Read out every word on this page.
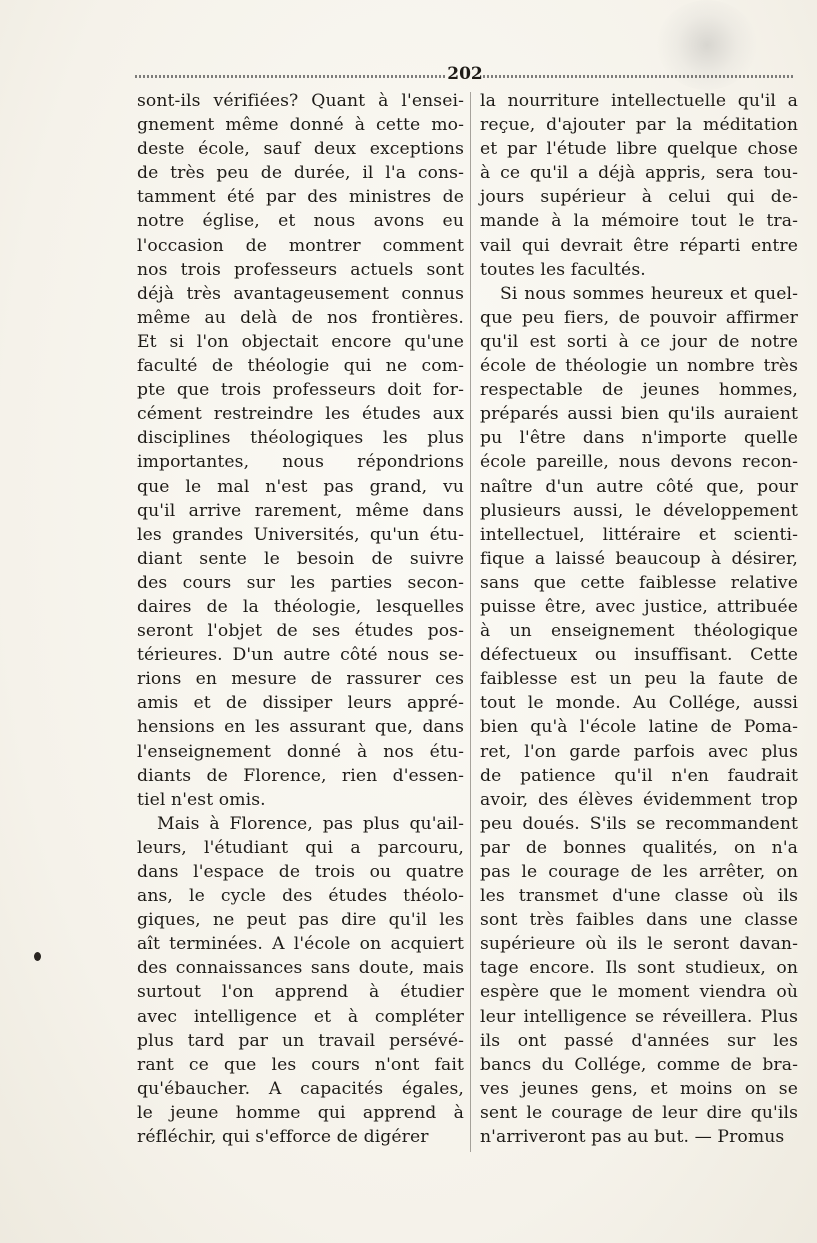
202
sont-ils vérifiées? Quant à l'ensei-
gnement même donné à cette mo-
deste école, sauf deux exceptions
de très peu de durée, il l'a cons-
tamment été par des ministres de
notre église, et nous avons eu
l'occasion de montrer comment
nos trois professeurs actuels sont
déjà très avantageusement connus
même au delà de nos frontières.
Et si l'on objectait encore qu'une
faculté de théologie qui ne com-
pte que trois professeurs doit for-
cément restreindre les études aux
disciplines théologiques les plus
importantes, nous répondrions
que le mal n'est pas grand, vu
qu'il arrive rarement, même dans
les grandes Universités, qu'un étu-
diant sente le besoin de suivre
des cours sur les parties secon-
daires de la théologie, lesquelles
seront l'objet de ses études pos-
térieures. D'un autre côté nous se-
rions en mesure de rassurer ces
amis et de dissiper leurs appré-
hensions en les assurant que, dans
l'enseignement donné à nos étu-
diants de Florence, rien d'essen-
tiel n'est omis.
Mais à Florence, pas plus qu'ail-
leurs, l'étudiant qui a parcouru,
dans l'espace de trois ou quatre
ans, le cycle des études théolo-
giques, ne peut pas dire qu'il les
aît terminées. A l'école on acquiert
des connaissances sans doute, mais
surtout l'on apprend à étudier
avec intelligence et à compléter
plus tard par un travail persévé-
rant ce que les cours n'ont fait
qu'ébaucher. A capacités égales,
le jeune homme qui apprend à
réfléchir, qui s'efforce de digérer
la nourriture intellectuelle qu'il a
reçue, d'ajouter par la méditation
et par l'étude libre quelque chose
à ce qu'il a déjà appris, sera tou-
jours supérieur à celui qui de-
mande à la mémoire tout le tra-
vail qui devrait être réparti entre
toutes les facultés.
Si nous sommes heureux et quel-
que peu fiers, de pouvoir affirmer
qu'il est sorti à ce jour de notre
école de théologie un nombre très
respectable de jeunes hommes,
préparés aussi bien qu'ils auraient
pu l'être dans n'importe quelle
école pareille, nous devons recon-
naître d'un autre côté que, pour
plusieurs aussi, le développement
intellectuel, littéraire et scienti-
fique a laissé beaucoup à désirer,
sans que cette faiblesse relative
puisse être, avec justice, attribuée
à un enseignement théologique
défectueux ou insuffisant. Cette
faiblesse est un peu la faute de
tout le monde. Au Collége, aussi
bien qu'à l'école latine de Poma-
ret, l'on garde parfois avec plus
de patience qu'il n'en faudrait
avoir, des élèves évidemment trop
peu doués. S'ils se recommandent
par de bonnes qualités, on n'a
pas le courage de les arrêter, on
les transmet d'une classe où ils
sont très faibles dans une classe
supérieure où ils le seront davan-
tage encore. Ils sont studieux, on
espère que le moment viendra où
leur intelligence se réveillera. Plus
ils ont passé d'années sur les
bancs du Collége, comme de bra-
ves jeunes gens, et moins on se
sent le courage de leur dire qu'ils
n'arriveront pas au but. — Promus
